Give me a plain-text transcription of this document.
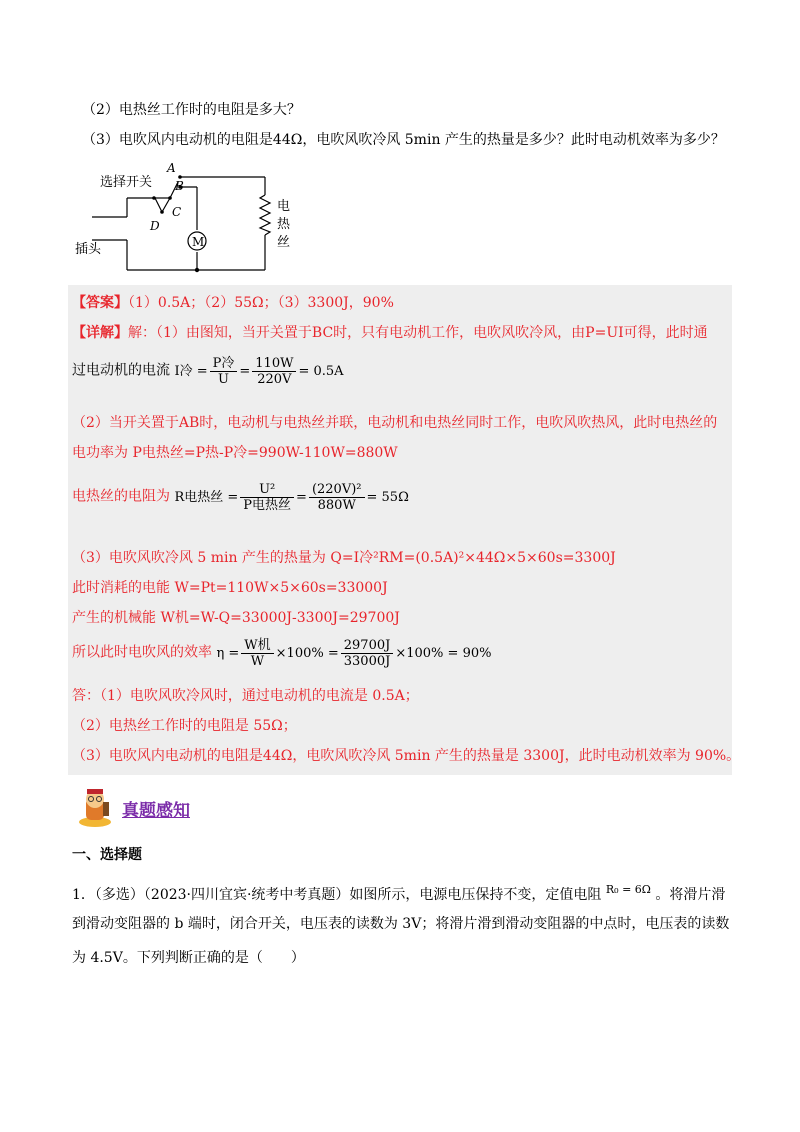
（2）电热丝工作时的电阻是多大？
（3）电吹风内电动机的电阻是44Ω，电吹风吹冷风 5min 产生的热量是多少？此时电动机效率为多少？
选择开关
插头
A
B
C
D
M
电
热
丝
【答案】（1）0.5A；（2）55Ω；（3）3300J，90%
【详解】解：（1）由图知，当开关置于BC时，只有电动机工作，电吹风吹冷风，由P=UI可得，此时通
过电动机的电流 I冷 = $\frac{\text{P冷}}{U} = \frac{110W}{220V} = 0.5A$
（2）当开关置于AB时，电动机与电热丝并联，电动机和电热丝同时工作，电吹风吹热风，此时电热丝的
电功率为 P电热丝=P热-P冷=990W-110W=880W
电热丝的电阻为 R电热丝 = $\frac{\text{U²}}{\text{P电热丝}} = \frac{\text{(220V)²}}{880W} = 55\Omega$
（3）电吹风吹冷风 5 min 产生的热量为 Q=I冷²RM=(0.5A)²×44Ω×5×60s=3300J
此时消耗的电能 W=Pt=110W×5×60s=33000J
产生的机械能 W机=W-Q=33000J-3300J=29700J
所以此时电吹风的效率 $\eta = \frac{\text{W机}}{W} \times 100\% = \frac{29700J}{33000J} \times 100\% = 90\%$
答：（1）电吹风吹冷风时，通过电动机的电流是 0.5A；
（2）电热丝工作时的电阻是 55Ω；
（3）电吹风内电动机的电阻是44Ω，电吹风吹冷风 5min 产生的热量是 3300J，此时电动机效率为 90%。
真题感知
一、选择题
1．（多选）（2023·四川宜宾·统考中考真题）如图所示，电源电压保持不变，定值电阻 $^{R_0 = 6\Omega}$ 。将滑片滑
到滑动变阻器的 b 端时，闭合开关，电压表的读数为 3V；将滑片滑到滑动变阻器的中点时，电压表的读数
为 4.5V。下列判断正确的是（　　）
